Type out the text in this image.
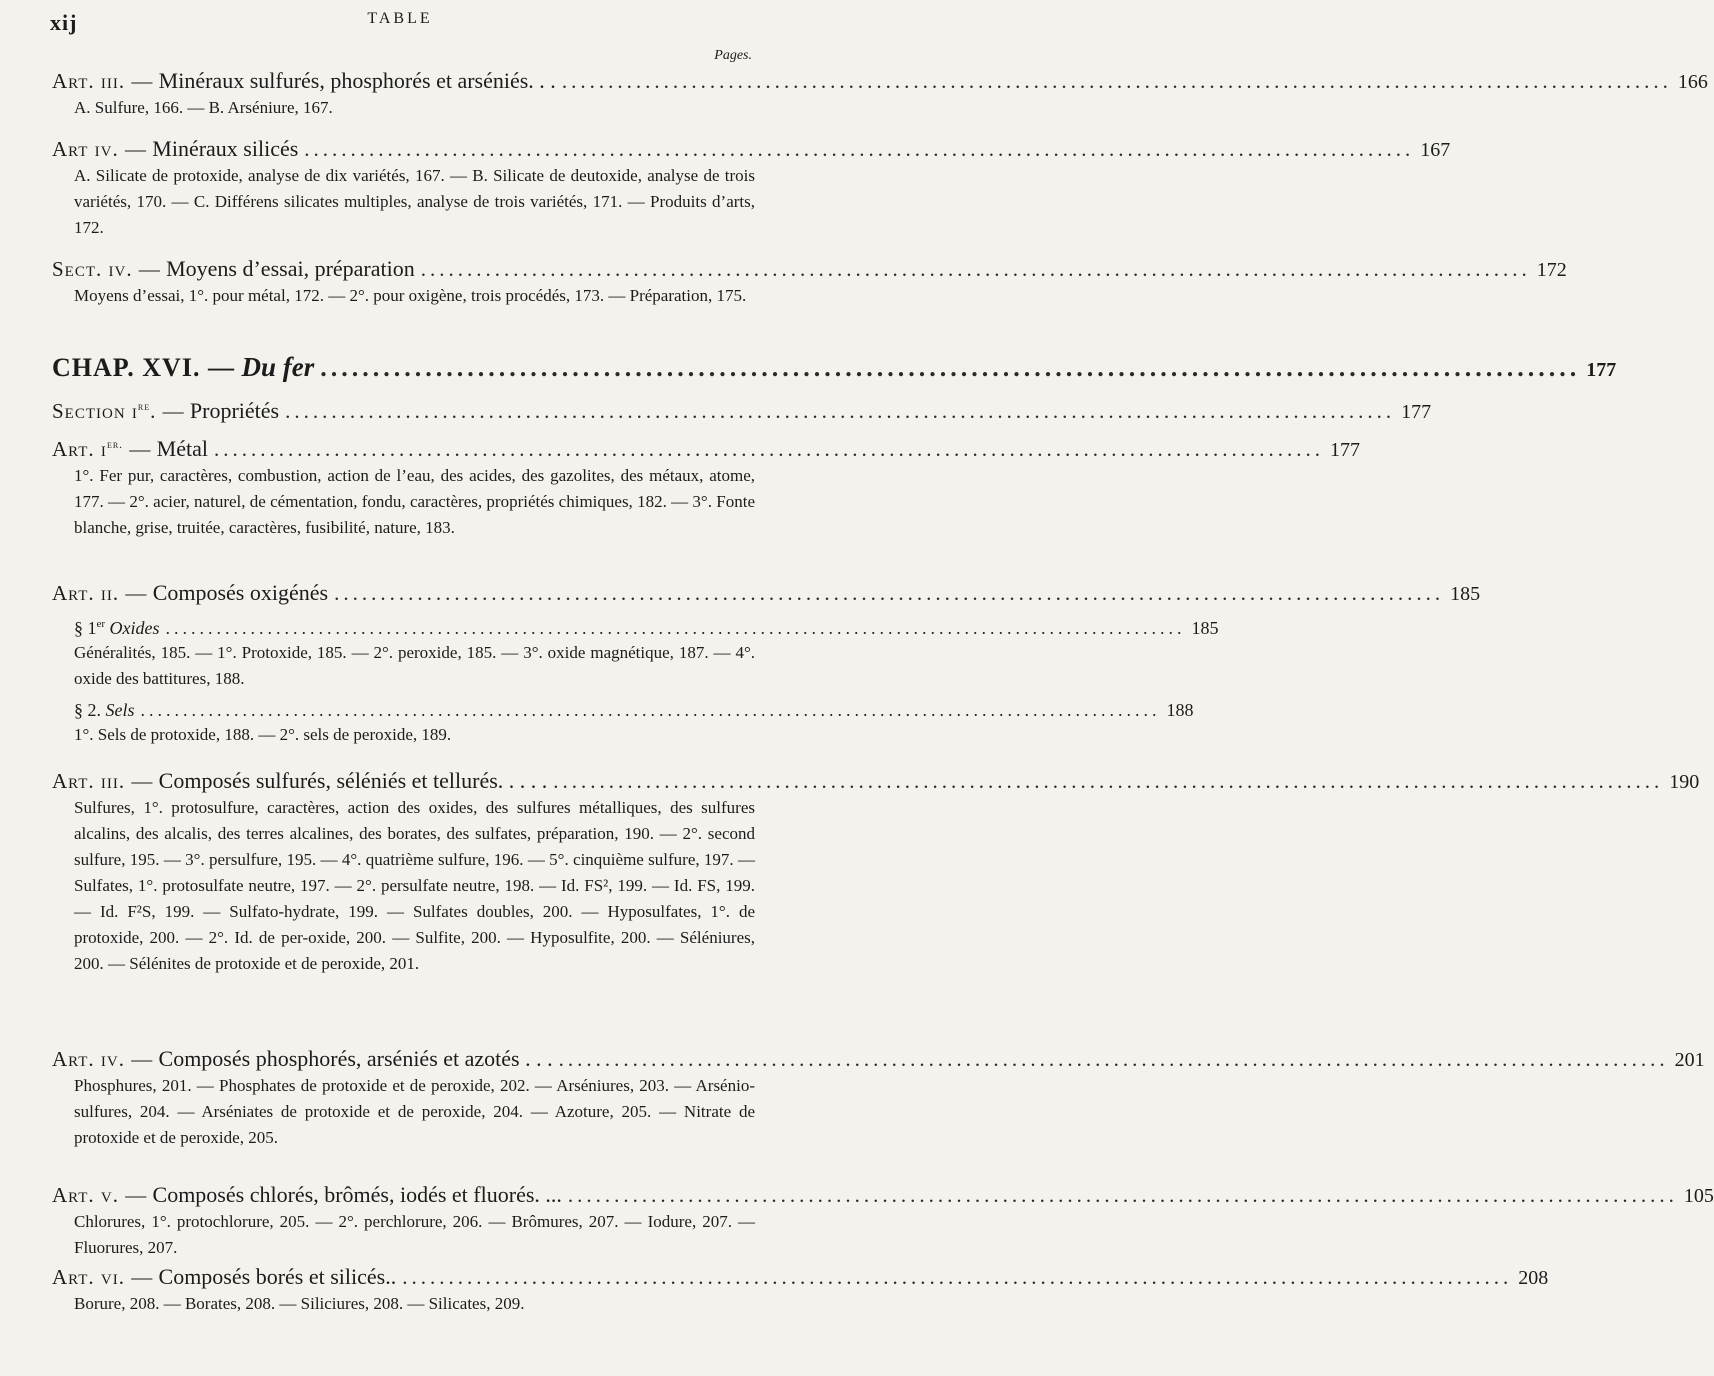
xij	TABLE
Pages.
Art. iii. —
Minéraux sulfurés, phosphorés et arséniés. . . ........................................................................................................................ 166
A. Sulfure, 166. — B. Arséniure, 167.
Art iv. —
Minéraux silicés ........................................................................................................................ 167
A. Silicate de protoxide, analyse de dix variétés, 167. — B. Silicate de deutoxide, analyse de trois variétés, 170. — C. Différens silicates multiples, analyse de trois variétés, 171. — Produits d’arts, 172.
Sect. iv. —
Moyens d’essai, préparation ........................................................................................................................ 172
Moyens d’essai, 1°. pour métal, 172. — 2°. pour oxigène, trois procédés, 173. — Préparation, 175.
CHAP. XVI. —
Du fer ........................................................................................................................ 177
Section $i^{re}$. —
Propriétés ........................................................................................................................ 177
Art. $i^{er.}$ —
Métal ........................................................................................................................ 177
1°. Fer pur, caractères, combustion, action de l’eau, des acides, des gazolites, des métaux, atome, 177. — 2°. acier, naturel, de cémentation, fondu, caractères, propriétés chimiques, 182. — 3°. Fonte blanche, grise, truitée, caractères, fusibilité, nature, 183.
Art. ii. —
Composés oxigénés ........................................................................................................................ 185
§ 1er
Oxides ........................................................................................................................ 185
Généralités, 185. — 1°. Protoxide, 185. — 2°. peroxide, 185. — 3°. oxide magnétique, 187. — 4°. oxide des battitures, 188.
§ 2.
Sels ........................................................................................................................ 188
1°. Sels de protoxide, 188. — 2°. sels de peroxide, 189.
Art. iii. —
Composés sulfurés, séléniés et tellurés. . . . . ........................................................................................................................ 190
Sulfures, 1°. protosulfure, caractères, action des oxides, des sulfures métalliques, des sulfures alcalins, des alcalis, des terres alcalines, des borates, des sulfates, préparation, 190. — 2°. second sulfure, 195. — 3°. persulfure, 195. — 4°. quatrième sulfure, 196. — 5°. cinquième sulfure, 197. — Sulfates, 1°. protosulfate neutre, 197. — 2°. persulfate neutre, 198. — Id. FS², 199. — Id. FS, 199. — Id. F²S, 199. — Sulfato-hydrate, 199. — Sulfates doubles, 200. — Hyposulfates, 1°. de protoxide, 200. — 2°. Id. de per-oxide, 200. — Sulfite, 200. — Hyposulfite, 200. — Séléniures, 200. — Sélénites de protoxide et de peroxide, 201.
Art. iv. —
Composés phosphorés, arséniés et azotés . . . ........................................................................................................................ 201
Phosphures, 201. — Phosphates de protoxide et de peroxide, 202. — Arséniures, 203. — Arsénio-sulfures, 204. — Arséniates de protoxide et de peroxide, 204. — Azoture, 205. — Nitrate de protoxide et de peroxide, 205.
Art. v. —
Composés chlorés, brômés, iodés et fluorés. ... ........................................................................................................................ 105
Chlorures, 1°. protochlorure, 205. — 2°. perchlorure, 206. — Brômures, 207. — Iodure, 207. — Fluorures, 207.
Art. vi. —
Composés borés et silicés.. ........................................................................................................................ 208
Borure, 208. — Borates, 208. — Siliciures, 208. — Silicates, 209.
